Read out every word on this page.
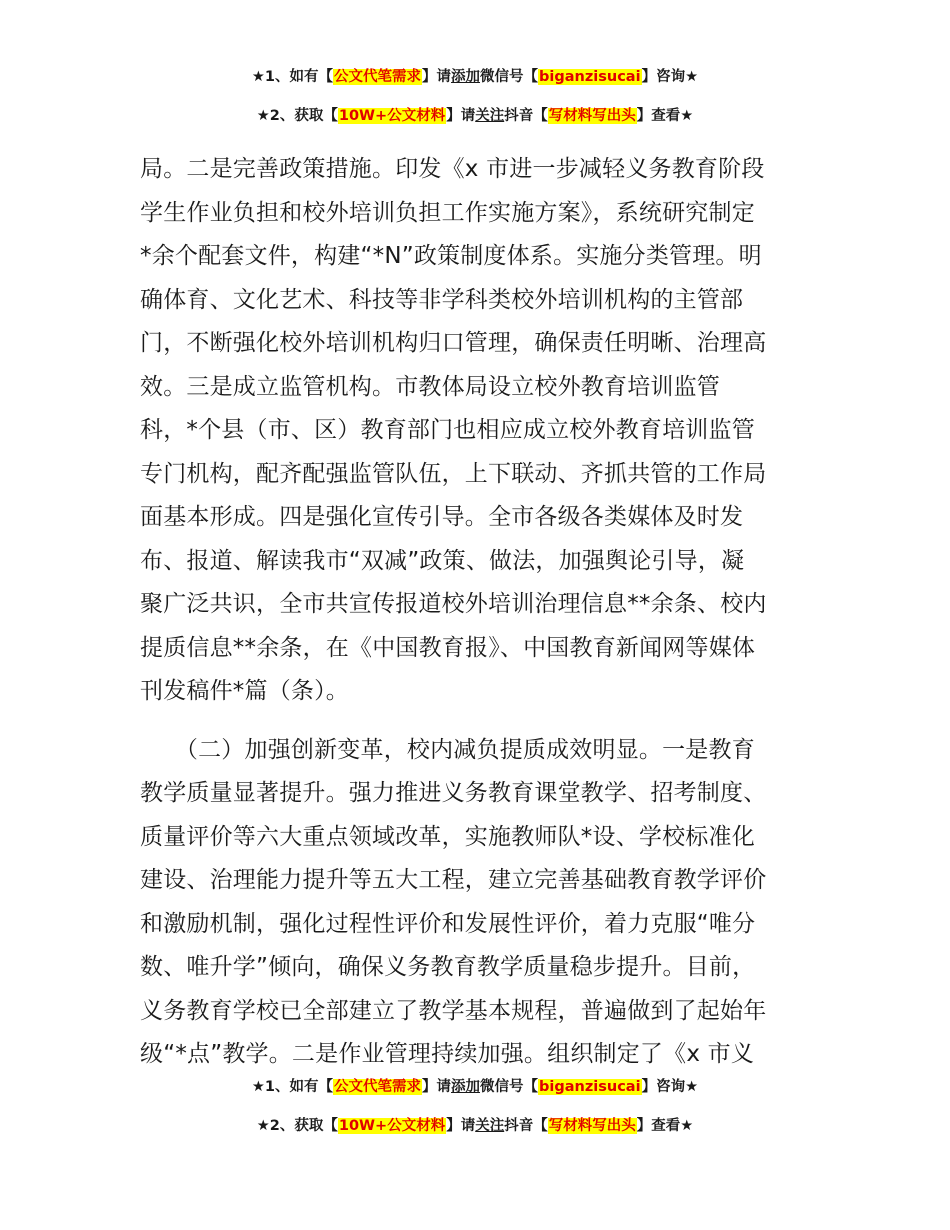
★1、如有【公文代笔需求】请添加微信号【biganzisucai】咨询★
★2、获取【10W+公文材料】请关注抖音【写材料写出头】查看★
局。二是完善政策措施。印发《x 市进一步减轻义务教育阶段
学生作业负担和校外培训负担工作实施方案》，系统研究制定
*余个配套文件，构建“*N”政策制度体系。实施分类管理。明
确体育、文化艺术、科技等非学科类校外培训机构的主管部
门，不断强化校外培训机构归口管理，确保责任明晰、治理高
效。三是成立监管机构。市教体局设立校外教育培训监管
科，*个县（市、区）教育部门也相应成立校外教育培训监管
专门机构，配齐配强监管队伍，上下联动、齐抓共管的工作局
面基本形成。四是强化宣传引导。全市各级各类媒体及时发
布、报道、解读我市“双减”政策、做法，加强舆论引导，凝
聚广泛共识，全市共宣传报道校外培训治理信息**余条、校内
提质信息**余条，在《中国教育报》、中国教育新闻网等媒体
刊发稿件*篇（条）。
　　（二）加强创新变革，校内减负提质成效明显。一是教育
教学质量显著提升。强力推进义务教育课堂教学、招考制度、
质量评价等六大重点领域改革，实施教师队*设、学校标准化
建设、治理能力提升等五大工程，建立完善基础教育教学评价
和激励机制，强化过程性评价和发展性评价，着力克服“唯分
数、唯升学”倾向，确保义务教育教学质量稳步提升。目前，
义务教育学校已全部建立了教学基本规程，普遍做到了起始年
级“*点”教学。二是作业管理持续加强。组织制定了《x 市义
★1、如有【公文代笔需求】请添加微信号【biganzisucai】咨询★
★2、获取【10W+公文材料】请关注抖音【写材料写出头】查看★
